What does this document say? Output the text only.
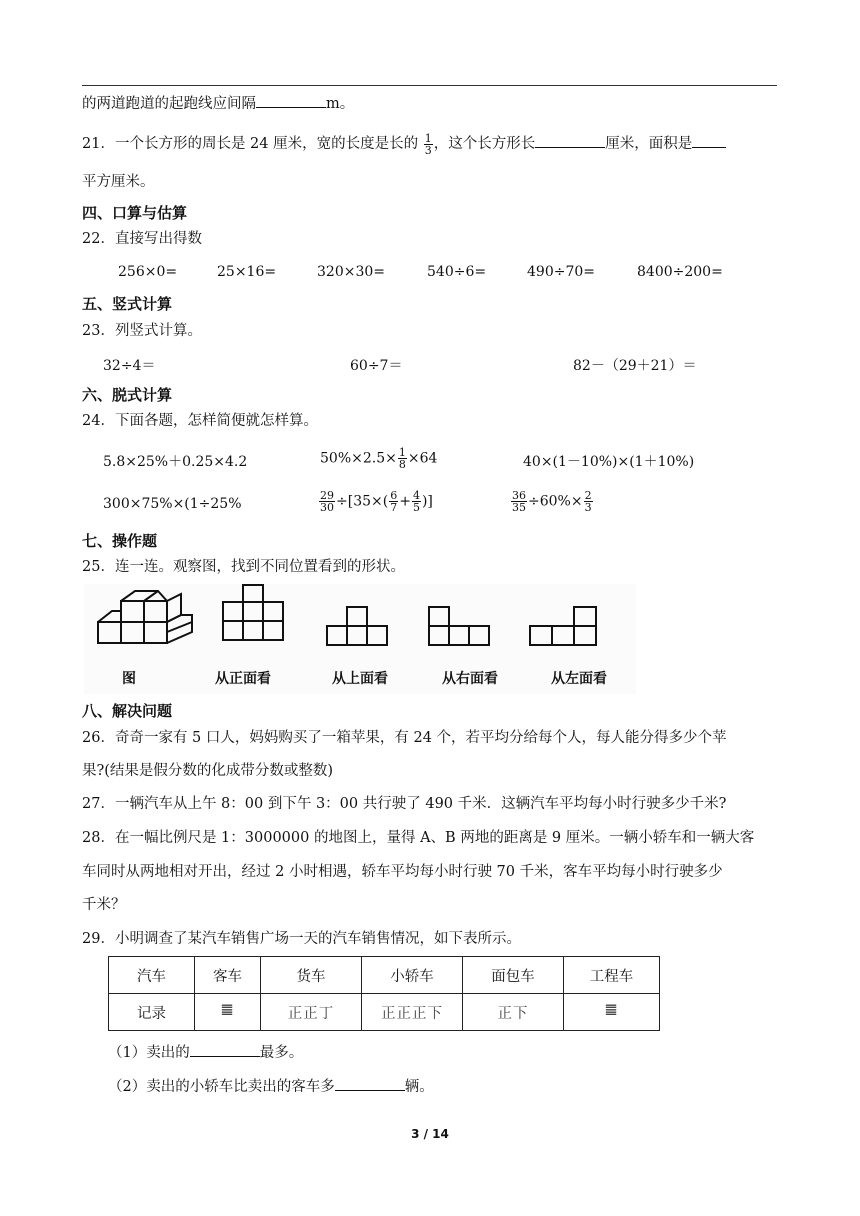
的两道跑道的起跑线应间隔	m。
21．一个长方形的周长是 24 厘米，宽的长度是长的 $\frac{1}{3}$ ，这个长方形长	厘米，面积是
平方厘米。
四、口算与估算
22．直接写出得数
256×0=	25×16=	320×30=	540÷6=	490÷70=	8400÷200=
五、竖式计算
23．列竖式计算。
32÷4＝	60÷7＝	82－（29＋21）＝
六、脱式计算
24．下面各题，怎样简便就怎样算。
5.8×25%＋0.25×4.2	$50\%\times 2.5\times \frac{1}{8} \times 64$	40×(1－10%)×(1＋10%)
300×75%×(1÷25%	$\frac{29}{30} \div[35\times( \frac{6}{7} + \frac{4}{5}$ )]	$\frac{36}{35} \div 60\%\times \frac{2}{3}$
七、操作题
25．连一连。观察图，找到不同位置看到的形状。
图	从正面看	从上面看	从右面看	从左面看
八、解决问题
26．奇奇一家有 5 口人，妈妈购买了一箱苹果，有 24 个，若平均分给每个人，每人能分得多少个苹
果?(结果是假分数的化成带分数或整数)
27．一辆汽车从上午 8：00 到下午 3：00 共行驶了 490 千米．这辆汽车平均每小时行驶多少千米?
28．在一幅比例尺是 1：3000000 的地图上，量得 A、B 两地的距离是 9 厘米。一辆小轿车和一辆大客
车同时从两地相对开出，经过 2 小时相遇，轿车平均每小时行驶 70 千米，客车平均每小时行驶多少
千米？
29．小明调查了某汽车销售广场一天的汽车销售情况，如下表所示。
汽车	客车	货车	小轿车	面包车	工程车
记录	𝍤	正正丁	正正正下	正下	𝍤
（1）卖出的	最多。
（2）卖出的小轿车比卖出的客车多	辆。
3 / 14
